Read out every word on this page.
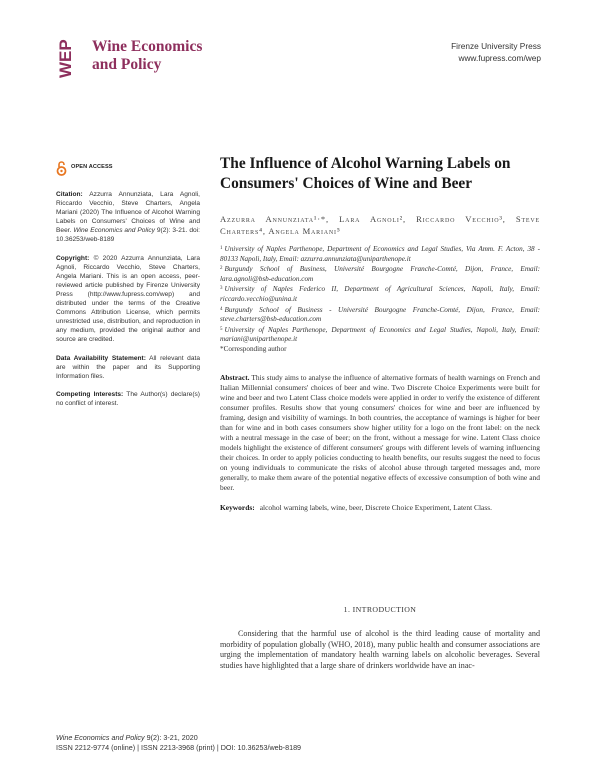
WEP Wine Economics
and Policy
Firenze University Press
www.fupress.com/wep
OPEN ACCESS
Citation: Azzurra Annunziata, Lara Agnoli, Riccardo Vecchio, Steve Charters, Angela Mariani (2020) The Influence of Alcohol Warning Labels on Consumers' Choices of Wine and Beer. Wine Economics and Policy 9(2): 3-21. doi: 10.36253/web-8189
Copyright: © 2020 Azzurra Annunziata, Lara Agnoli, Riccardo Vecchio, Steve Charters, Angela Mariani. This is an open access, peer-reviewed article published by Firenze University Press (http://www.fupress.com/wep) and distributed under the terms of the Creative Commons Attribution License, which permits unrestricted use, distribution, and reproduction in any medium, provided the original author and source are credited.
Data Availability Statement: All relevant data are within the paper and its Supporting Information files.
Competing Interests: The Author(s) declare(s) no conflict of interest.
The Influence of Alcohol Warning Labels on Consumers' Choices of Wine and Beer
Azzurra Annunziata¹·*, Lara Agnoli², Riccardo Vecchio³, Steve Charters⁴, Angela Mariani⁵

$^1$ University of Naples Parthenope, Department of Economics and Legal Studies, Via Amm. F. Acton, 38 - 80133 Napoli, Italy, Email: azzurra.annunziata@uniparthenope.it

$^2$ Burgundy School of Business, Université Bourgogne Franche-Comté, Dijon, France, Email: lara.agnoli@bsb-education.com

$^3$ University of Naples Federico II, Department of Agricultural Sciences, Napoli, Italy, Email: riccardo.vecchio@unina.it

$^4$ Burgundy School of Business - Université Bourgogne Franche-Comté, Dijon, France, Email: steve.charters@bsb-education.com

$^5$ University of Naples Parthenope, Department of Economics and Legal Studies, Napoli, Italy, Email: mariani@uniparthenope.it

*Corresponding author

Abstract. This study aims to analyse the influence of alternative formats of health warnings on French and Italian Millennial consumers' choices of beer and wine. Two Discrete Choice Experiments were built for wine and beer and two Latent Class choice models were applied in order to verify the existence of different consumer profiles. Results show that young consumers' choices for wine and beer are influenced by framing, design and visibility of warnings. In both countries, the acceptance of warnings is higher for beer than for wine and in both cases consumers show higher utility for a logo on the front label: on the neck with a neutral message in the case of beer; on the front, without a message for wine. Latent Class choice models highlight the existence of different consumers' groups with different levels of warning influencing their choices. In order to apply policies conducting to health benefits, our results suggest the need to focus on young individuals to communicate the risks of alcohol abuse through targeted messages and, more generally, to make them aware of the potential negative effects of excessive consumption of both wine and beer.
Keywords: alcohol warning labels, wine, beer, Discrete Choice Experiment, Latent Class.
1. INTRODUCTION

Considering that the harmful use of alcohol is the third leading cause of mortality and morbidity of population globally (WHO, 2018), many public health and consumer associations are urging the implementation of mandatory health warning labels on alcoholic beverages. Several studies have highlighted that a large share of drinkers worldwide have an inac-

Wine Economics and Policy 9(2): 3-21, 2020
ISSN 2212-9774 (online) | ISSN 2213-3968 (print) | DOI: 10.36253/web-8189
